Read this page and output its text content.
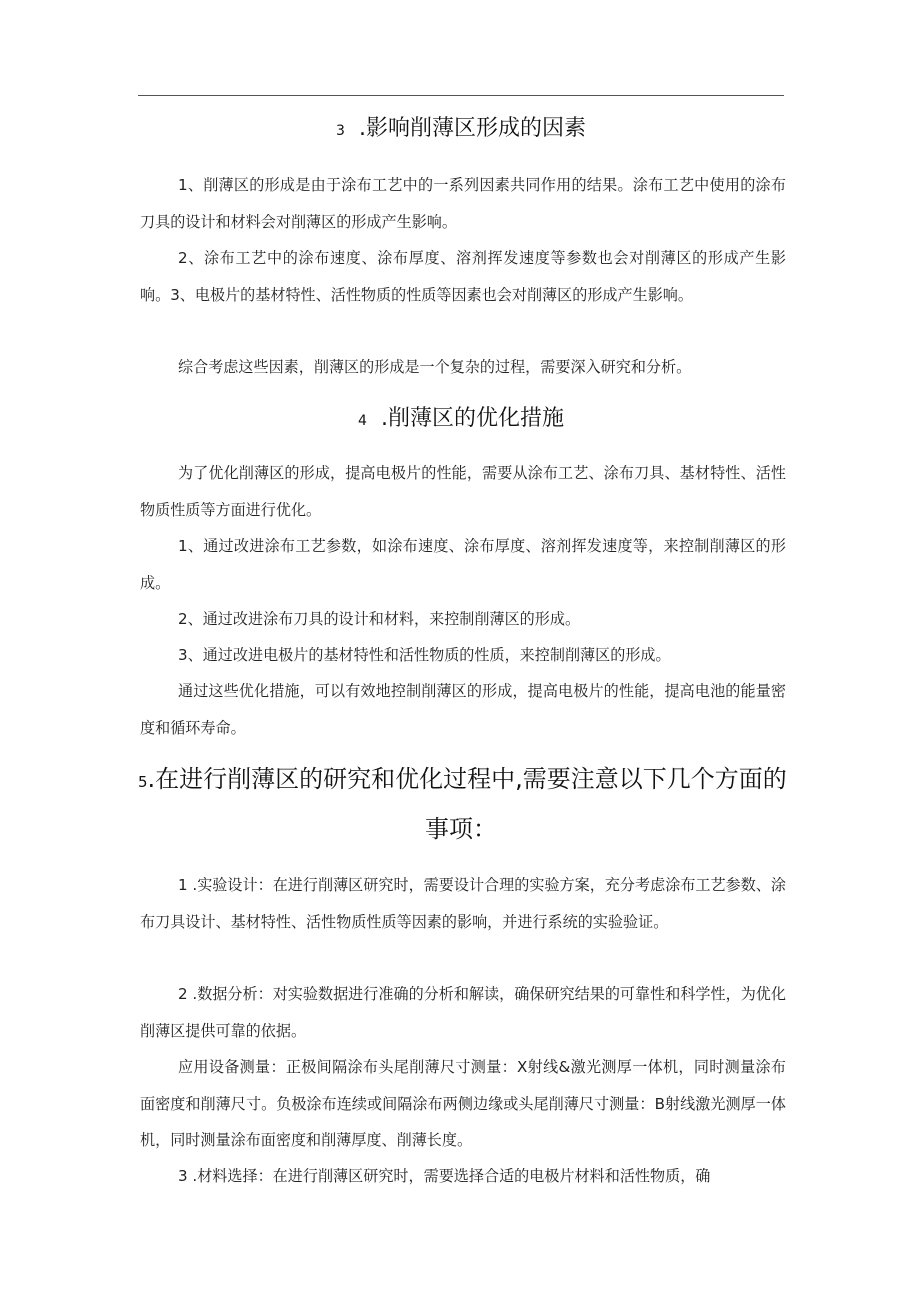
3 .影响削薄区形成的因素

1、削薄区的形成是由于涂布工艺中的一系列因素共同作用的结果。涂布工艺中使用的涂布刀具的设计和材料会对削薄区的形成产生影响。

2、涂布工艺中的涂布速度、涂布厚度、溶剂挥发速度等参数也会对削薄区的形成产生影响。3、电极片的基材特性、活性物质的性质等因素也会对削薄区的形成产生影响。

综合考虑这些因素，削薄区的形成是一个复杂的过程，需要深入研究和分析。

4 .削薄区的优化措施

为了优化削薄区的形成，提高电极片的性能，需要从涂布工艺、涂布刀具、基材特性、活性物质性质等方面进行优化。

1、通过改进涂布工艺参数，如涂布速度、涂布厚度、溶剂挥发速度等，来控制削薄区的形成。

2、通过改进涂布刀具的设计和材料，来控制削薄区的形成。

3、通过改进电极片的基材特性和活性物质的性质，来控制削薄区的形成。

通过这些优化措施，可以有效地控制削薄区的形成，提高电极片的性能，提高电池的能量密度和循环寿命。

5.在进行削薄区的研究和优化过程中,需要注意以下几个方面的
事项：

1 .实验设计：在进行削薄区研究时，需要设计合理的实验方案，充分考虑涂布工艺参数、涂布刀具设计、基材特性、活性物质性质等因素的影响，并进行系统的实验验证。

2 .数据分析：对实验数据进行准确的分析和解读，确保研究结果的可靠性和科学性，为优化削薄区提供可靠的依据。

应用设备测量：正极间隔涂布头尾削薄尺寸测量：X射线&激光测厚一体机，同时测量涂布面密度和削薄尺寸。负极涂布连续或间隔涂布两侧边缘或头尾削薄尺寸测量：B射线激光测厚一体机，同时测量涂布面密度和削薄厚度、削薄长度。

3 .材料选择：在进行削薄区研究时，需要选择合适的电极片材料和活性物质，确
